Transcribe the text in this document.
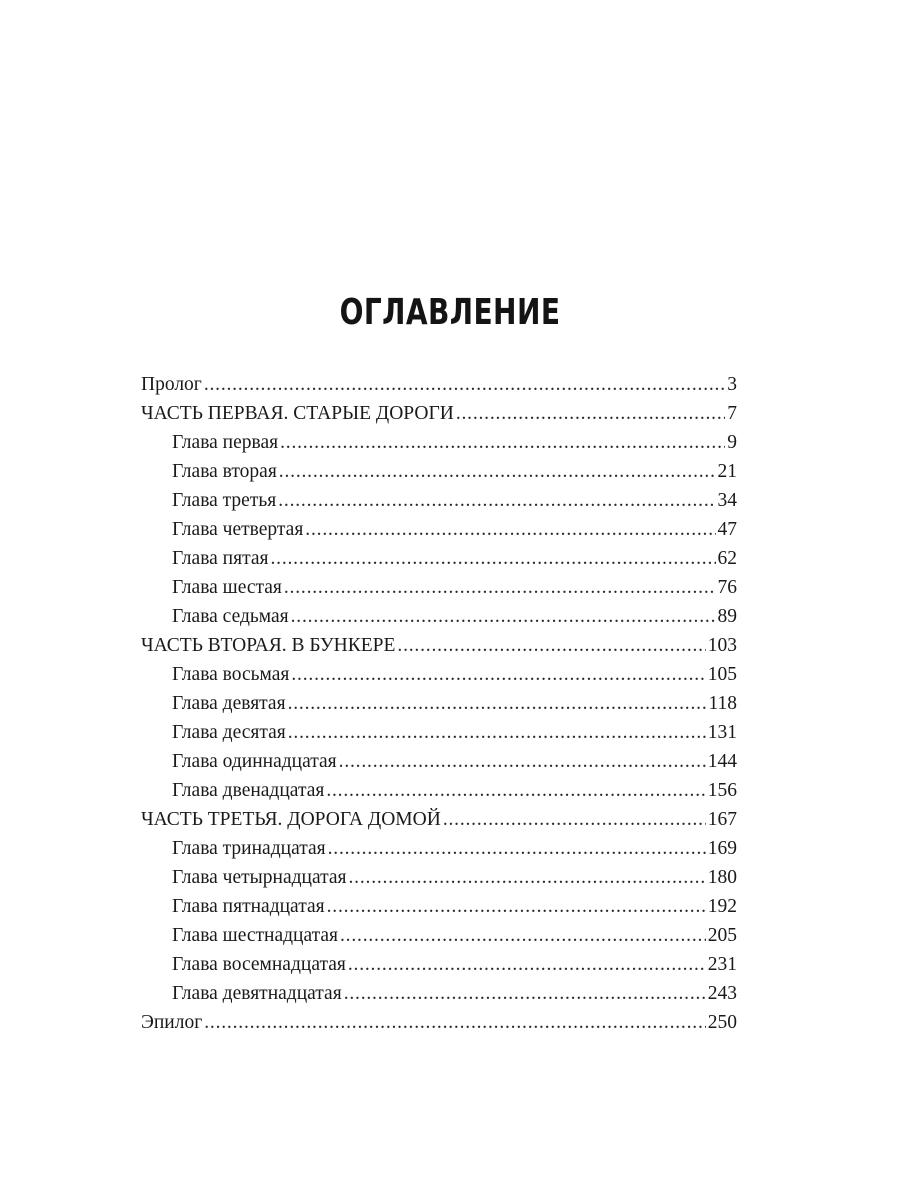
ОГЛАВЛЕНИЕ
Пролог .....	3
ЧАСТЬ ПЕРВАЯ. СТАРЫЕ ДОРОГИ .....	7
Глава первая .....	9
Глава вторая .....	21
Глава третья .....	34
Глава четвертая .....	47
Глава пятая .....	62
Глава шестая .....	76
Глава седьмая .....	89
ЧАСТЬ ВТОРАЯ. В БУНКЕРЕ .....	103
Глава восьмая .....	105
Глава девятая .....	118
Глава десятая .....	131
Глава одиннадцатая .....	144
Глава двенадцатая .....	156
ЧАСТЬ ТРЕТЬЯ. ДОРОГА ДОМОЙ .....	167
Глава тринадцатая .....	169
Глава четырнадцатая .....	180
Глава пятнадцатая .....	192
Глава шестнадцатая .....	205
Глава восемнадцатая .....	231
Глава девятнадцатая .....	243
Эпилог .....	250
